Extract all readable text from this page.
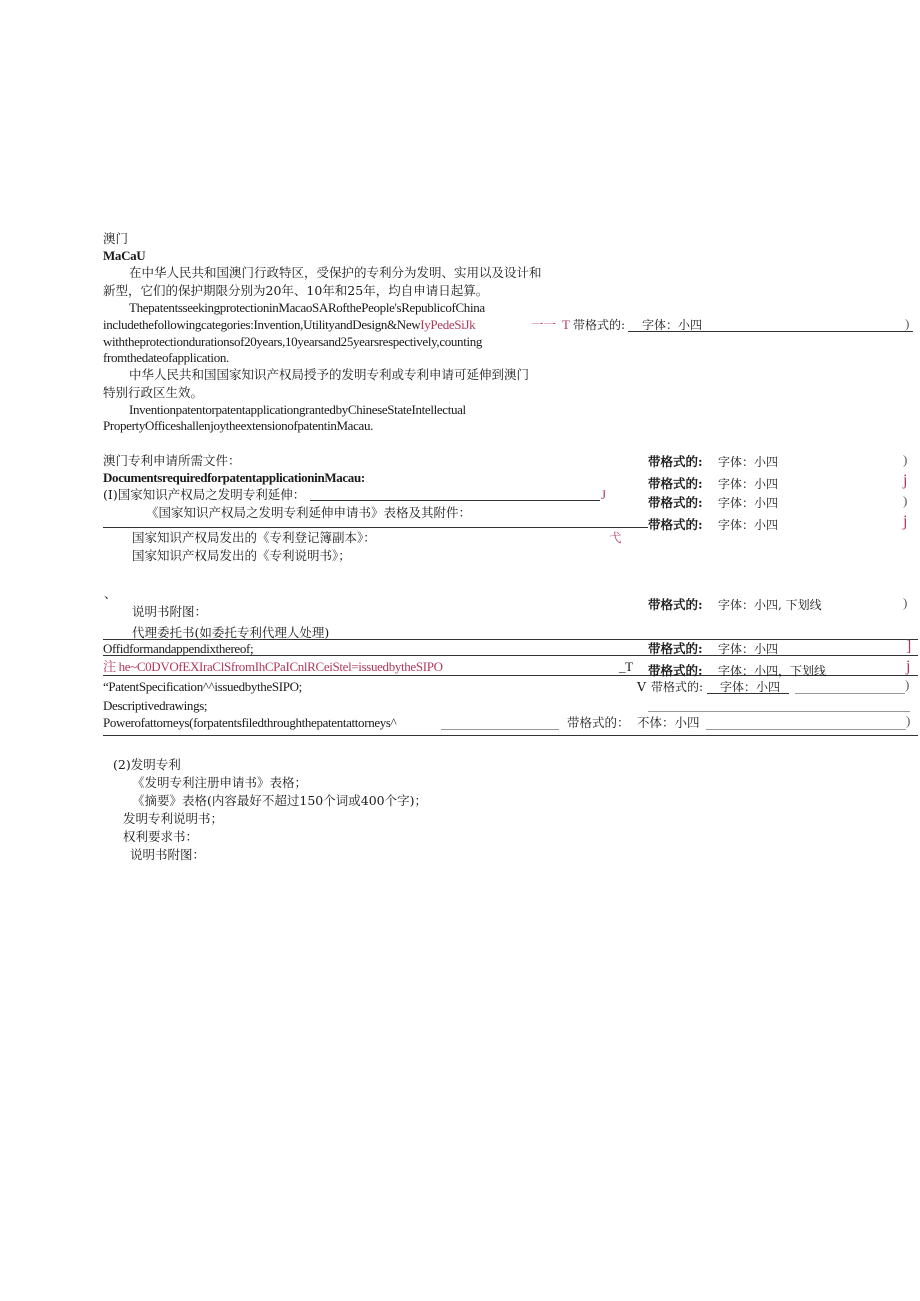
澳门
MaCaU
在中华人民共和国澳门行政特区，受保护的专利分为发明、实用以及设计和
新型，它们的保护期限分别为20年、10年和25年，均自申请日起算。
ThepatentsseekingprotectioninMacaoSARofthePeople'sRepublicofChina
includethefollowingcategories:Invention,UtilityandDesign&NewIyPedeSiJk	一一 T 带格式的: 字体：小四	)
withtheprotectiondurationsof20years,10yearsand25yearsrespectively,counting
fromthedateofapplication.
中华人民共和国国家知识产权局授予的发明专利或专利申请可延伸到澳门
特别行政区生效。
InventionpatentorpatentapplicationgrantedbyChineseStateIntellectual
PropertyOfficeshallenjoytheextensionofpatentinMacau.
澳门专利申请所需文件：
DocumentsrequiredforpatentapplicationinMacau:
(I)国家知识产权局之发明专利延伸：	J
《国家知识产权局之发明专利延伸申请书》表格及其附件：
国家知识产权局发出的《专利登记簿副本》：	弋
国家知识产权局发出的《专利说明书》；
、
说明书附图：
代理委托书(如委托专利代理人处理)
Offidformandappendixthereof;
注 he~C0DVOfEXIraClSfromIhCPaICnlRCeiStel=issuedbytheSIPO	_T
“PatentSpecification^^issuedbytheSIPO;
Descriptivedrawings;
Powerofattorneys(forpatentsfiledthroughthepatentattorneys^
带格式的: 字体：小四	)
带格式的: 字体：小四	j
带格式的: 字体：小四	)
带格式的: 字体：小四	j
带格式的: 字体：小四, 下划线	)
带格式的: 字体：小四	]
带格式的: 字体：小四，下划线	j
V 带格式的: 字体：小四	)
带格式的： 不体：小四	)
(2)发明专利
《发明专利注册申请书》表格；
《摘要》表格(内容最好不超过150个词或400个字)；
发明专利说明书；
权利要求书：
说明书附图：
